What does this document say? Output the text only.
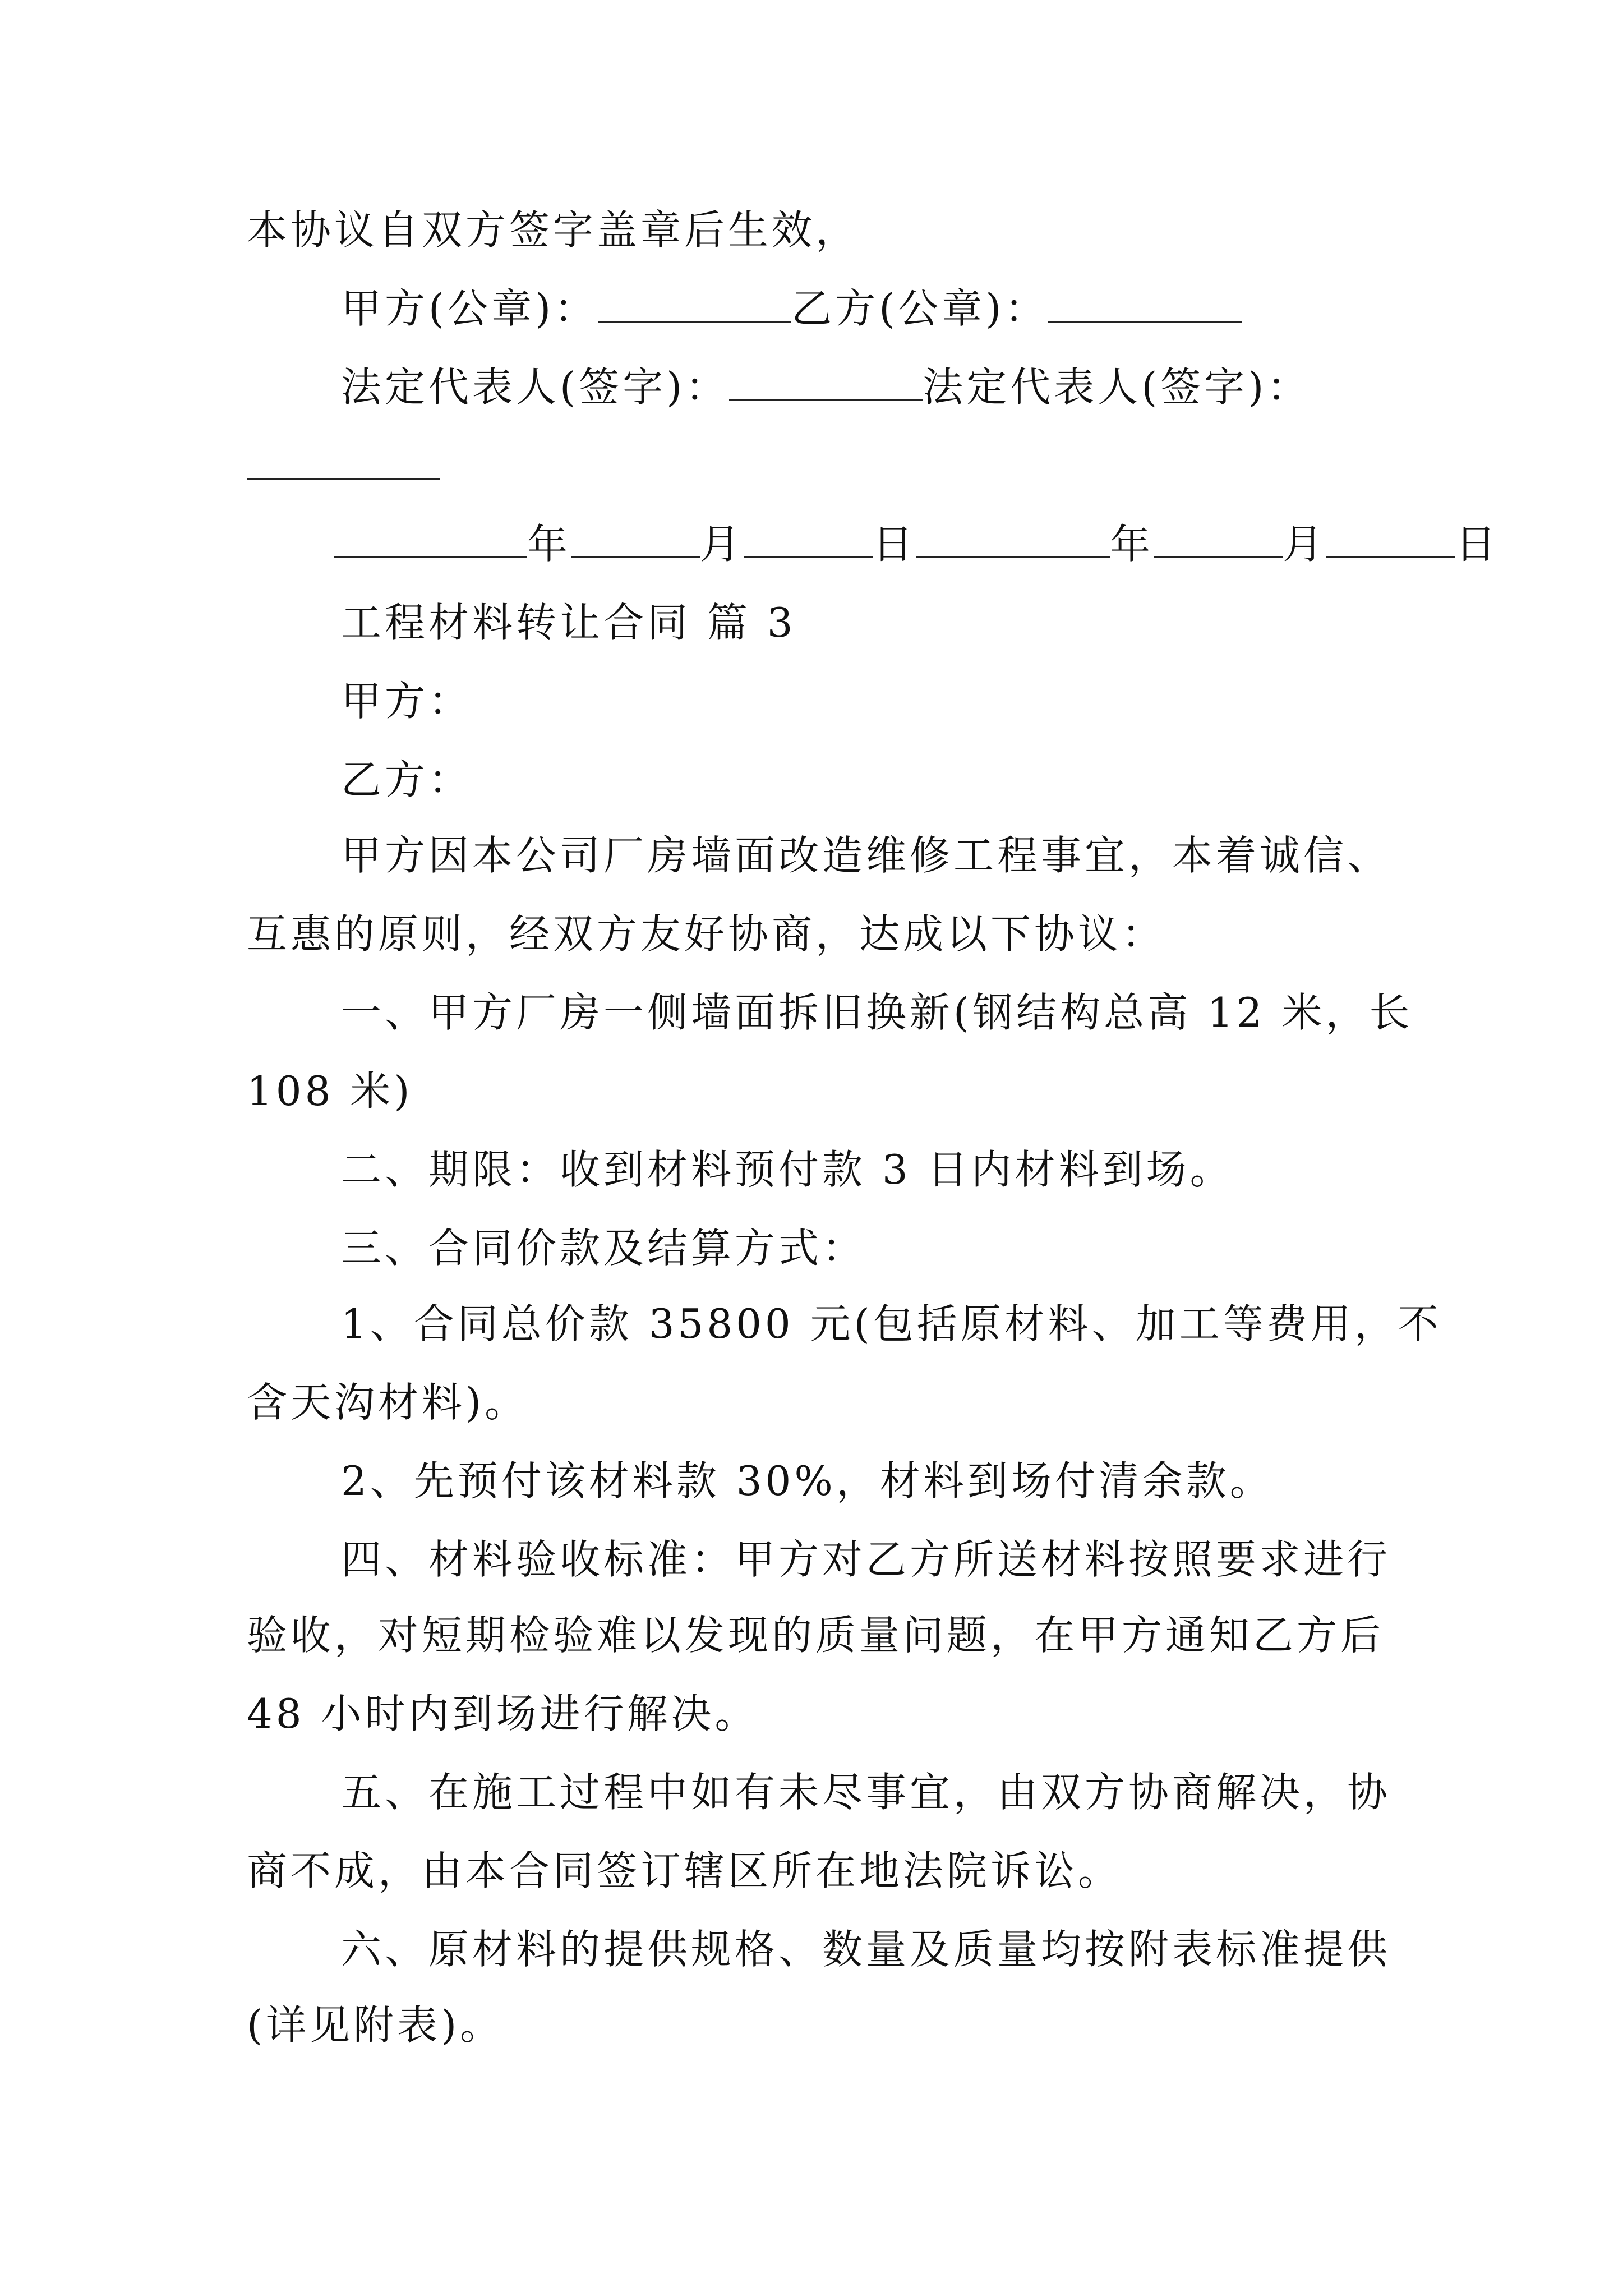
本协议自双方签字盖章后生效，
甲方(公章)：	乙方(公章)：
法定代表人(签字)：	法定代表人(签字)：
年	月	日	年	月	日
工程材料转让合同 篇 3
甲方：
乙方：
甲方因本公司厂房墙面改造维修工程事宜，本着诚信、
互惠的原则，经双方友好协商，达成以下协议：
一、甲方厂房一侧墙面拆旧换新(钢结构总高 12 米，长
108 米)
二、期限：收到材料预付款 3 日内材料到场。
三、合同价款及结算方式：
1、合同总价款 35800 元(包括原材料、加工等费用，不
含天沟材料)。
2、先预付该材料款 30%，材料到场付清余款。
四、材料验收标准：甲方对乙方所送材料按照要求进行
验收，对短期检验难以发现的质量问题，在甲方通知乙方后
48 小时内到场进行解决。
五、在施工过程中如有未尽事宜，由双方协商解决，协
商不成，由本合同签订辖区所在地法院诉讼。
六、原材料的提供规格、数量及质量均按附表标准提供
(详见附表)。
